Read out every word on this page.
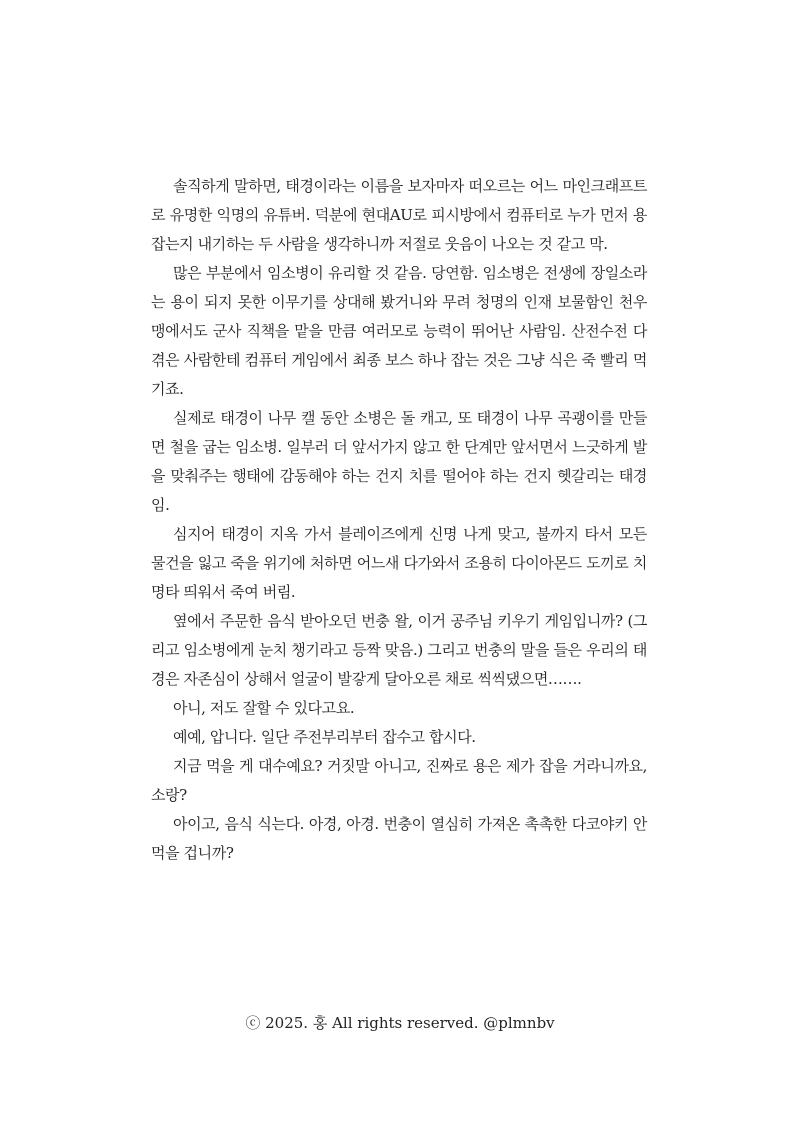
솔직하게 말하면, 태경이라는 이름을 보자마자 떠오르는 어느 마인크래프트로 유명한 익명의 유튜버. 덕분에 현대AU로 피시방에서 컴퓨터로 누가 먼저 용 잡는지 내기하는 두 사람을 생각하니까 저절로 웃음이 나오는 것 같고 막.

많은 부분에서 임소병이 유리할 것 같음. 당연함. 임소병은 전생에 장일소라는 용이 되지 못한 이무기를 상대해 봤거니와 무려 청명의 인재 보물함인 천우맹에서도 군사 직책을 맡을 만큼 여러모로 능력이 뛰어난 사람임. 산전수전 다 겪은 사람한테 컴퓨터 게임에서 최종 보스 하나 잡는 것은 그냥 식은 죽 빨리 먹기죠.

실제로 태경이 나무 캘 동안 소병은 돌 캐고, 또 태경이 나무 곡괭이를 만들면 철을 굽는 임소병. 일부러 더 앞서가지 않고 한 단계만 앞서면서 느긋하게 발을 맞춰주는 행태에 감동해야 하는 건지 치를 떨어야 하는 건지 헷갈리는 태경임.

심지어 태경이 지옥 가서 블레이즈에게 신명 나게 맞고, 불까지 타서 모든 물건을 잃고 죽을 위기에 처하면 어느새 다가와서 조용히 다이아몬드 도끼로 치명타 띄워서 죽여 버림.

옆에서 주문한 음식 받아오던 번충 왈, 이거 공주님 키우기 게임입니까? (그리고 임소병에게 눈치 챙기라고 등짝 맞음.) 그리고 번충의 말을 들은 우리의 태경은 자존심이 상해서 얼굴이 발갛게 달아오른 채로 씩씩댔으면…….

아니, 저도 잘할 수 있다고요.

예예, 압니다. 일단 주전부리부터 잡수고 합시다.

지금 먹을 게 대수예요? 거짓말 아니고, 진짜로 용은 제가 잡을 거라니까요, 소랑?

아이고, 음식 식는다. 아경, 아경. 번충이 열심히 가져온 촉촉한 다코야키 안 먹을 겁니까?

ⓒ 2025. 홍 All rights reserved. @plmnbv
